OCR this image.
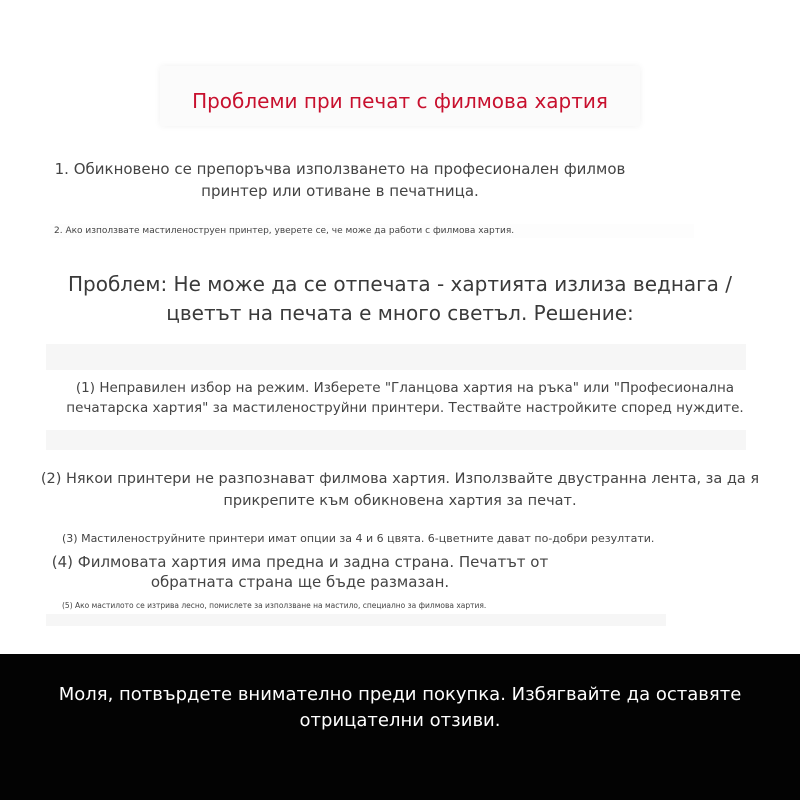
Проблеми при печат с филмова хартия
1. Обикновено се препоръчва използването на професионален филмов принтер или отиване в печатница.
2. Ако използвате мастиленоструен принтер, уверете се, че може да работи с филмова хартия.
Проблем: Не може да се отпечата - хартията излиза веднага / цветът на печата е много светъл. Решение:
(1) Неправилен избор на режим. Изберете "Гланцова хартия на ръка" или "Професионална печатарска хартия" за мастиленоструйни принтери. Тествайте настройките според нуждите.
(2) Някои принтери не разпознават филмова хартия. Използвайте двустранна лента, за да я прикрепите към обикновена хартия за печат.
(3) Мастиленоструйните принтери имат опции за 4 и 6 цвята. 6-цветните дават по-добри резултати.
(4) Филмовата хартия има предна и задна страна. Печатът от обратната страна ще бъде размазан.
(5) Ако мастилото се изтрива лесно, помислете за използване на мастило, специално за филмова хартия.
Моля, потвърдете внимателно преди покупка. Избягвайте да оставяте отрицателни отзиви.
